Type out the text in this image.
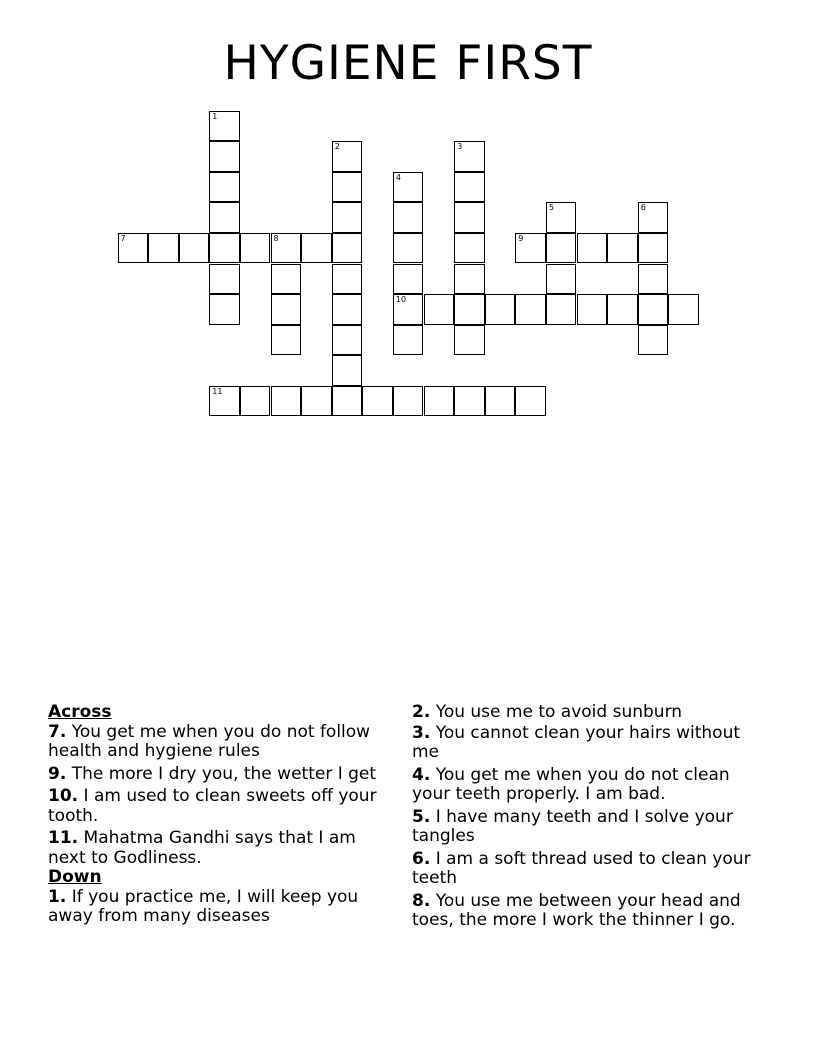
HYGIENE FIRST
1
2	3
4
10
5	6
7	8	9
11
Across
7. You get me when you do not follow health and hygiene rules
9. The more I dry you, the wetter I get
10. I am used to clean sweets off your tooth.
11. Mahatma Gandhi says that I am next to Godliness.
Down
1. If you practice me, I will keep you away from many diseases
2. You use me to avoid sunburn
3. You cannot clean your hairs without me
4. You get me when you do not clean your teeth properly. I am bad.
5. I have many teeth and I solve your tangles
6. I am a soft thread used to clean your teeth
8. You use me between your head and toes, the more I work the thinner I go.
